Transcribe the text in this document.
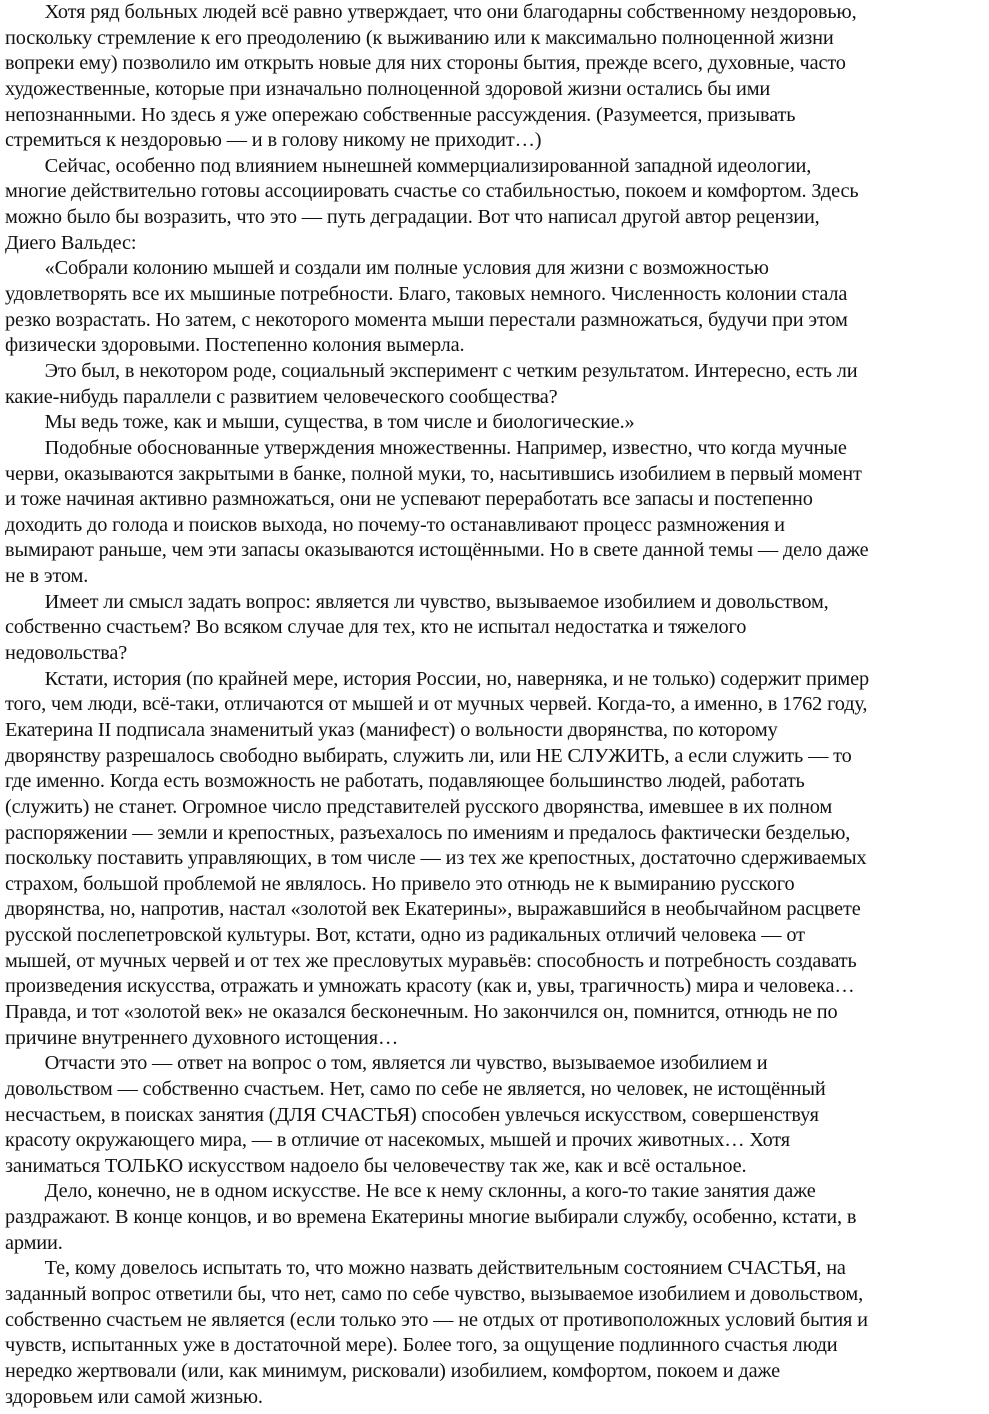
Хотя ряд больных людей всё равно утверждает, что они благодарны собственному нездоровью,
поскольку стремление к его преодолению (к выживанию или к максимально полноценной жизни
вопреки ему) позволило им открыть новые для них стороны бытия, прежде всего, духовные, часто
художественные, которые при изначально полноценной здоровой жизни остались бы ими
непознанными. Но здесь я уже опережаю собственные рассуждения. (Разумеется, призывать
стремиться к нездоровью — и в голову никому не приходит…)
Сейчас, особенно под влиянием нынешней коммерциализированной западной идеологии,
многие действительно готовы ассоциировать счастье со стабильностью, покоем и комфортом. Здесь
можно было бы возразить, что это — путь деградации. Вот что написал другой автор рецензии,
Диего Вальдес:
«Собрали колонию мышей и создали им полные условия для жизни с возможностью
удовлетворять все их мышиные потребности. Благо, таковых немного. Численность колонии стала
резко возрастать. Но затем, с некоторого момента мыши перестали размножаться, будучи при этом
физически здоровыми. Постепенно колония вымерла.
Это был, в некотором роде, социальный эксперимент с четким результатом. Интересно, есть ли
какие-нибудь параллели с развитием человеческого сообщества?
Мы ведь тоже, как и мыши, существа, в том числе и биологические.»
Подобные обоснованные утверждения множественны. Например, известно, что когда мучные
черви, оказываются закрытыми в банке, полной муки, то, насытившись изобилием в первый момент
и тоже начиная активно размножаться, они не успевают переработать все запасы и постепенно
доходить до голода и поисков выхода, но почему-то останавливают процесс размножения и
вымирают раньше, чем эти запасы оказываются истощёнными. Но в свете данной темы — дело даже
не в этом.
Имеет ли смысл задать вопрос: является ли чувство, вызываемое изобилием и довольством,
собственно счастьем? Во всяком случае для тех, кто не испытал недостатка и тяжелого
недовольства?
Кстати, история (по крайней мере, история России, но, наверняка, и не только) содержит пример
того, чем люди, всё-таки, отличаются от мышей и от мучных червей. Когда-то, а именно, в 1762 году,
Екатерина II подписала знаменитый указ (манифест) о вольности дворянства, по которому
дворянству разрешалось свободно выбирать, служить ли, или НЕ СЛУЖИТЬ, а если служить — то
где именно. Когда есть возможность не работать, подавляющее большинство людей, работать
(служить) не станет. Огромное число представителей русского дворянства, имевшее в их полном
распоряжении — земли и крепостных, разъехалось по имениям и предалось фактически безделью,
поскольку поставить управляющих, в том числе — из тех же крепостных, достаточно сдерживаемых
страхом, большой проблемой не являлось. Но привело это отнюдь не к вымиранию русского
дворянства, но, напротив, настал «золотой век Екатерины», выражавшийся в необычайном расцвете
русской послепетровской культуры. Вот, кстати, одно из радикальных отличий человека — от
мышей, от мучных червей и от тех же пресловутых муравьёв: способность и потребность создавать
произведения искусства, отражать и умножать красоту (как и, увы, трагичность) мира и человека…
Правда, и тот «золотой век» не оказался бесконечным. Но закончился он, помнится, отнюдь не по
причине внутреннего духовного истощения…
Отчасти это — ответ на вопрос о том, является ли чувство, вызываемое изобилием и
довольством — собственно счастьем. Нет, само по себе не является, но человек, не истощённый
несчастьем, в поисках занятия (ДЛЯ СЧАСТЬЯ) способен увлечься искусством, совершенствуя
красоту окружающего мира, — в отличие от насекомых, мышей и прочих животных… Хотя
заниматься ТОЛЬКО искусством надоело бы человечеству так же, как и всё остальное.
Дело, конечно, не в одном искусстве. Не все к нему склонны, а кого-то такие занятия даже
раздражают. В конце концов, и во времена Екатерины многие выбирали службу, особенно, кстати, в
армии.
Те, кому довелось испытать то, что можно назвать действительным состоянием СЧАСТЬЯ, на
заданный вопрос ответили бы, что нет, само по себе чувство, вызываемое изобилием и довольством,
собственно счастьем не является (если только это — не отдых от противоположных условий бытия и
чувств, испытанных уже в достаточной мере). Более того, за ощущение подлинного счастья люди
нередко жертвовали (или, как минимум, рисковали) изобилием, комфортом, покоем и даже
здоровьем или самой жизнью.
